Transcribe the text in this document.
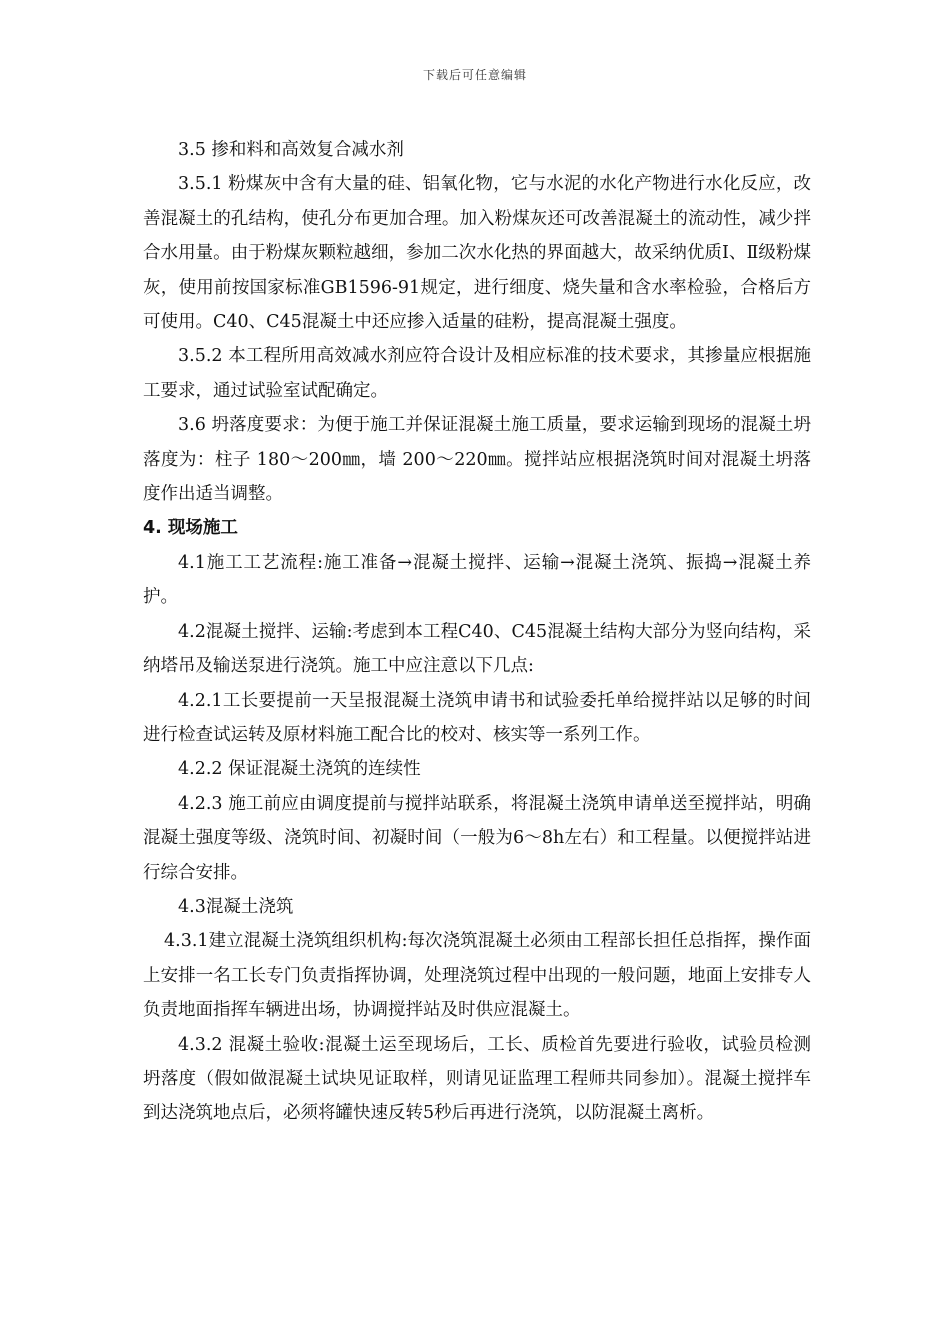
下载后可任意编辑

3.5 掺和料和高效复合减水剂

3.5.1 粉煤灰中含有大量的硅、铝氧化物，它与水泥的水化产物进行水化反应，改善混凝土的孔结构，使孔分布更加合理。加入粉煤灰还可改善混凝土的流动性，减少拌合水用量。由于粉煤灰颗粒越细，参加二次水化热的界面越大，故采纳优质Ⅰ、Ⅱ级粉煤灰，使用前按国家标准GB1596-91规定，进行细度、烧失量和含水率检验，合格后方可使用。C40、C45混凝土中还应掺入适量的硅粉，提高混凝土强度。

3.5.2 本工程所用高效减水剂应符合设计及相应标准的技术要求，其掺量应根据施工要求，通过试验室试配确定。

3.6 坍落度要求：为便于施工并保证混凝土施工质量，要求运输到现场的混凝土坍落度为：柱子 180～200㎜，墙 200～220㎜。搅拌站应根据浇筑时间对混凝土坍落度作出适当调整。

4. 现场施工

4.1施工工艺流程:施工准备→混凝土搅拌、运输→混凝土浇筑、振捣→混凝土养护。

4.2混凝土搅拌、运输:考虑到本工程C40、C45混凝土结构大部分为竖向结构，采纳塔吊及输送泵进行浇筑。施工中应注意以下几点:

4.2.1工长要提前一天呈报混凝土浇筑申请书和试验委托单给搅拌站以足够的时间进行检查试运转及原材料施工配合比的校对、核实等一系列工作。

4.2.2 保证混凝土浇筑的连续性

4.2.3 施工前应由调度提前与搅拌站联系，将混凝土浇筑申请单送至搅拌站，明确混凝土强度等级、浇筑时间、初凝时间（一般为6～8h左右）和工程量。以便搅拌站进行综合安排。

4.3混凝土浇筑

4.3.1建立混凝土浇筑组织机构:每次浇筑混凝土必须由工程部长担任总指挥，操作面上安排一名工长专门负责指挥协调，处理浇筑过程中出现的一般问题，地面上安排专人负责地面指挥车辆进出场，协调搅拌站及时供应混凝土。

4.3.2 混凝土验收:混凝土运至现场后，工长、质检首先要进行验收，试验员检测坍落度（假如做混凝土试块见证取样，则请见证监理工程师共同参加）。混凝土搅拌车到达浇筑地点后，必须将罐快速反转5秒后再进行浇筑，以防混凝土离析。
